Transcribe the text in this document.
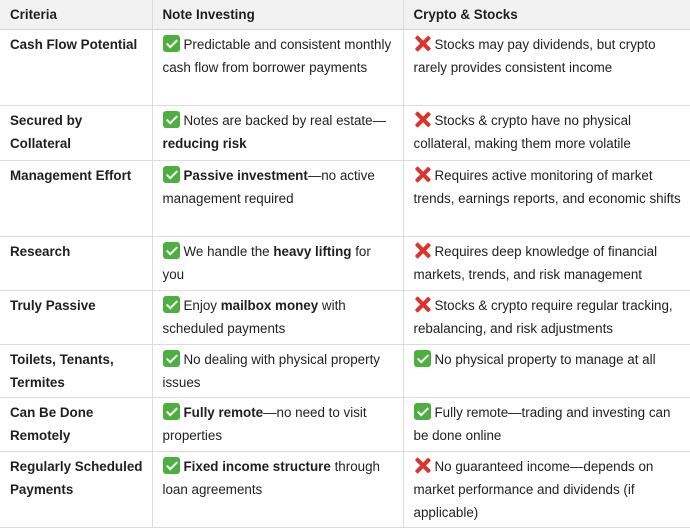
Criteria	Note Investing	Crypto & Stocks
Cash Flow Potential	Predictable and consistent monthly cash flow from borrower payments	Stocks may pay dividends, but crypto rarely provides consistent income
Secured by Collateral	Notes are backed by real estate—reducing risk	Stocks & crypto have no physical collateral, making them more volatile
Management Effort	Passive investment—no active management required	Requires active monitoring of market trends, earnings reports, and economic shifts
Research	We handle the heavy lifting for you	Requires deep knowledge of financial markets, trends, and risk management
Truly Passive	Enjoy mailbox money with scheduled payments	Stocks & crypto require regular tracking, rebalancing, and risk adjustments
Toilets, Tenants, Termites	No dealing with physical property issues	No physical property to manage at all
Can Be Done Remotely	Fully remote—no need to visit properties	Fully remote—trading and investing can be done online
Regularly Scheduled Payments	Fixed income structure through loan agreements	No guaranteed income—depends on market performance and dividends (if applicable)
